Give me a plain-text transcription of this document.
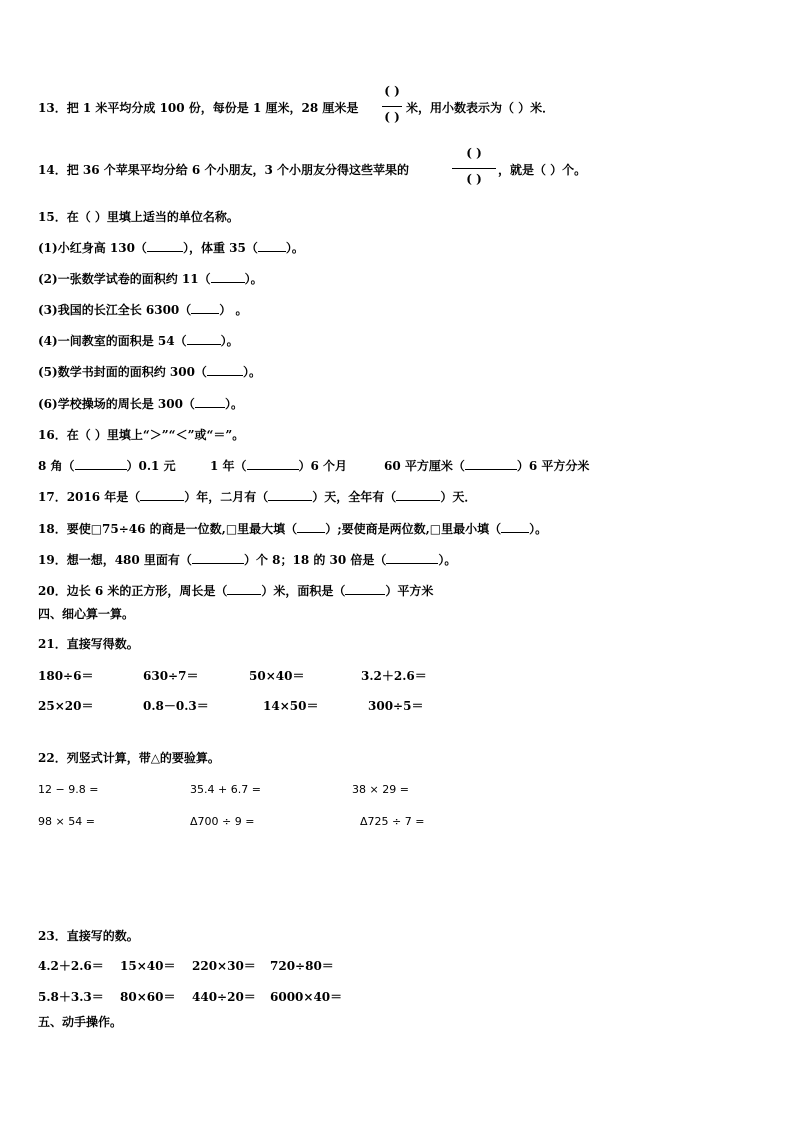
13．把 1 米平均分成 100 份，每份是 1 厘米，28 厘米是
( )
( )
米，用小数表示为（ ）米．
14．把 36 个苹果平均分给 6 个小朋友，3 个小朋友分得这些苹果的
( )
( )
，就是（ ）个。
15．在（ ）里填上适当的单位名称。
(1)小红身高 130（	），体重 35（ ）。
(2)一张数学试卷的面积约 11（	）。
(3)我国的长江全长 6300（ ） 。
(4)一间教室的面积是 54（	）。
(5)数学书封面的面积约 300（	）。
(6)学校操场的周长是 300（	）。
16．在（ ）里填上“＞”“＜”或“＝”。
8 角（	）0.1 元	1 年（	）6 个月	60 平方厘米（	）6 平方分米
17．2016 年是（	）年，二月有（	）天，全年有（	）天．
18．要使□75÷46 的商是一位数,□里最大填（ ）;要使商是两位数,□里最小填（ ）。
19．想一想，480 里面有（	）个 8；18 的 30 倍是（	）。
20．边长 6 米的正方形，周长是（	）米，面积是（	）平方米
四、细心算一算。
21．直接写得数。
180÷6＝	630÷7＝	50×40＝	3.2＋2.6＝
25×20＝	0.8－0.3＝	14×50＝	300÷5＝
22．列竖式计算，带△的要验算。
12 − 9.8 =	35.4 + 6.7 =	38 × 29 =
98 × 54 =	Δ700 ÷ 9 =	Δ725 ÷ 7 =
23．直接写的数。
4.2＋2.6＝ 15×40＝ 220×30＝ 720÷80＝
5.8＋3.3＝ 80×60＝ 440÷20＝ 6000×40＝
五、动手操作。
